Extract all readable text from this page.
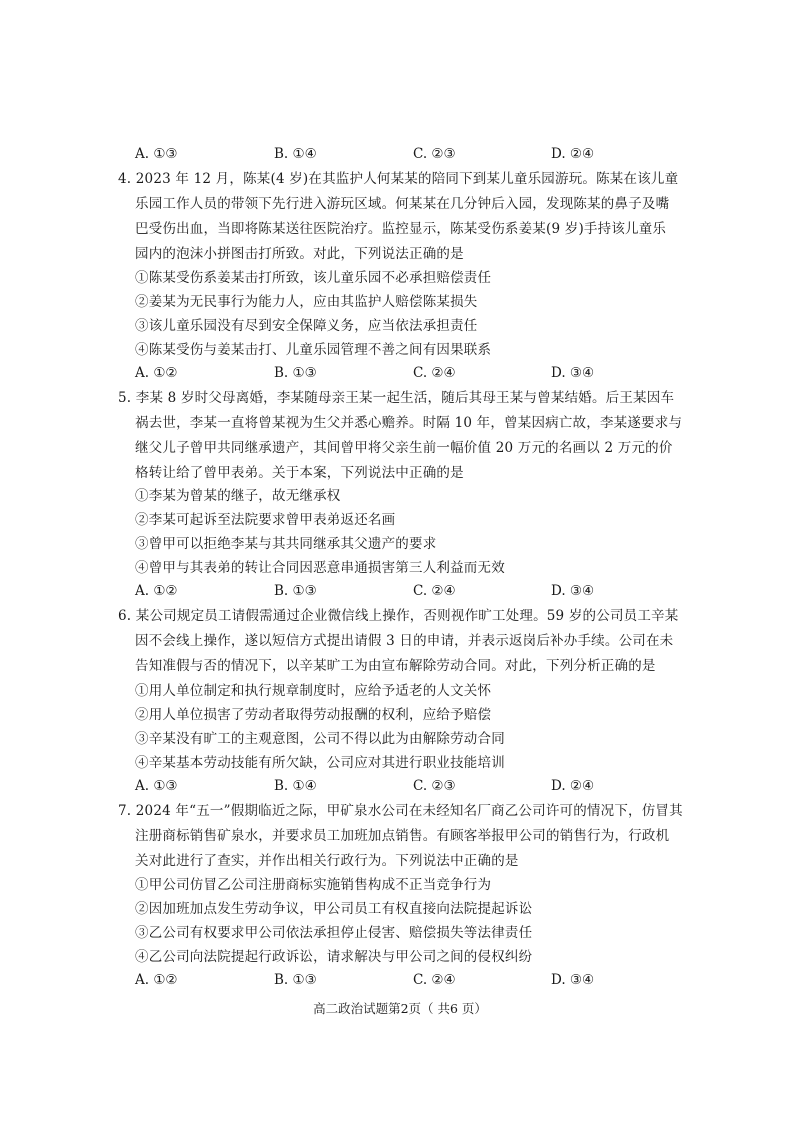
A. ①③	B. ①④	C. ②③	D. ②④
4. 2023 年 12 月，陈某(4 岁)在其监护人何某某的陪同下到某儿童乐园游玩。陈某在该儿童
乐园工作人员的带领下先行进入游玩区域。何某某在几分钟后入园，发现陈某的鼻子及嘴
巴受伤出血，当即将陈某送往医院治疗。监控显示，陈某受伤系姜某(9 岁)手持该儿童乐
园内的泡沫小拼图击打所致。对此，下列说法正确的是
①陈某受伤系姜某击打所致，该儿童乐园不必承担赔偿责任
②姜某为无民事行为能力人，应由其监护人赔偿陈某损失
③该儿童乐园没有尽到安全保障义务，应当依法承担责任
④陈某受伤与姜某击打、儿童乐园管理不善之间有因果联系
A. ①②	B. ①③	C. ②④	D. ③④
5. 李某 8 岁时父母离婚，李某随母亲王某一起生活，随后其母王某与曾某结婚。后王某因车
祸去世，李某一直将曾某视为生父并悉心赡养。时隔 10 年，曾某因病亡故，李某遂要求与
继父儿子曾甲共同继承遗产，其间曾甲将父亲生前一幅价值 20 万元的名画以 2 万元的价
格转让给了曾甲表弟。关于本案，下列说法中正确的是
①李某为曾某的继子，故无继承权
②李某可起诉至法院要求曾甲表弟返还名画
③曾甲可以拒绝李某与其共同继承其父遗产的要求
④曾甲与其表弟的转让合同因恶意串通损害第三人利益而无效
A. ①②	B. ①③	C. ②④	D. ③④
6. 某公司规定员工请假需通过企业微信线上操作，否则视作旷工处理。59 岁的公司员工辛某
因不会线上操作，遂以短信方式提出请假 3 日的申请，并表示返岗后补办手续。公司在未
告知准假与否的情况下，以辛某旷工为由宣布解除劳动合同。对此，下列分析正确的是
①用人单位制定和执行规章制度时，应给予适老的人文关怀
②用人单位损害了劳动者取得劳动报酬的权利，应给予赔偿
③辛某没有旷工的主观意图，公司不得以此为由解除劳动合同
④辛某基本劳动技能有所欠缺，公司应对其进行职业技能培训
A. ①③	B. ①④	C. ②③	D. ②④
7. 2024 年“五一”假期临近之际，甲矿泉水公司在未经知名厂商乙公司许可的情况下，仿冒其
注册商标销售矿泉水，并要求员工加班加点销售。有顾客举报甲公司的销售行为，行政机
关对此进行了查实，并作出相关行政行为。下列说法中正确的是
①甲公司仿冒乙公司注册商标实施销售构成不正当竞争行为
②因加班加点发生劳动争议，甲公司员工有权直接向法院提起诉讼
③乙公司有权要求甲公司依法承担停止侵害、赔偿损失等法律责任
④乙公司向法院提起行政诉讼，请求解决与甲公司之间的侵权纠纷
A. ①②	B. ①③	C. ②④	D. ③④
高二政治试题第2页（ 共6 页）
